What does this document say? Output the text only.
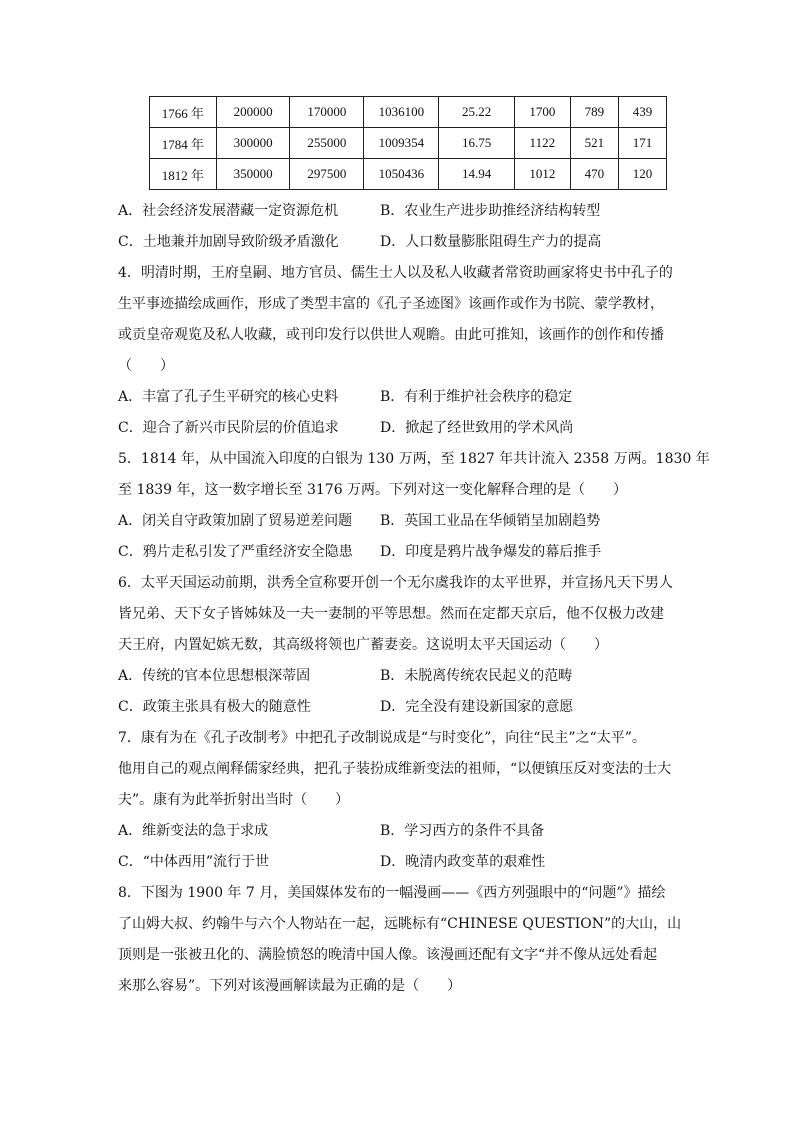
1766 年	200000	170000	1036100	25.22	1700	789	439
1784 年	300000	255000	1009354	16.75	1122	521	171
1812 年	350000	297500	1050436	14.94	1012	470	120
A．社会经济发展潜藏一定资源危机	B．农业生产进步助推经济结构转型
C．土地兼并加剧导致阶级矛盾激化	D．人口数量膨胀阻碍生产力的提高
4．明清时期，王府皇嗣、地方官员、儒生士人以及私人收藏者常资助画家将史书中孔子的
生平事迹描绘成画作，形成了类型丰富的《孔子圣迹图》该画作或作为书院、蒙学教材，
或贡皇帝观览及私人收藏，或刊印发行以供世人观瞻。由此可推知，该画作的创作和传播
（　　）
A．丰富了孔子生平研究的核心史料	B．有利于维护社会秩序的稳定
C．迎合了新兴市民阶层的价值追求	D．掀起了经世致用的学术风尚
5．1814 年，从中国流入印度的白银为 130 万两，至 1827 年共计流入 2358 万两。1830 年
至 1839 年，这一数字增长至 3176 万两。下列对这一变化解释合理的是（　　）
A．闭关自守政策加剧了贸易逆差问题 B．英国工业品在华倾销呈加剧趋势
C．鸦片走私引发了严重经济安全隐患 D．印度是鸦片战争爆发的幕后推手
6．太平天国运动前期，洪秀全宣称要开创一个无尔虞我诈的太平世界，并宣扬凡天下男人
皆兄弟、天下女子皆姊妹及一夫一妻制的平等思想。然而在定都天京后，他不仅极力改建
天王府，内置妃嫔无数，其高级将领也广蓄妻妾。这说明太平天国运动（　　）
A．传统的官本位思想根深蒂固	B．未脱离传统农民起义的范畴
C．政策主张具有极大的随意性	D．完全没有建设新国家的意愿
7．康有为在《孔子改制考》中把孔子改制说成是“与时变化”，向往“民主”之“太平”。
他用自己的观点阐释儒家经典，把孔子装扮成维新变法的祖师，“以便镇压反对变法的士大
夫”。康有为此举折射出当时（　　）
A．维新变法的急于求成	B．学习西方的条件不具备
C．“中体西用”流行于世	D．晚清内政变革的艰难性
8．下图为 1900 年 7 月，美国媒体发布的一幅漫画——《西方列强眼中的“问题”》描绘
了山姆大叔、约翰牛与六个人物站在一起，远眺标有“CHINESE QUESTION”的大山，山
顶则是一张被丑化的、满脸愤怒的晚清中国人像。该漫画还配有文字“并不像从远处看起
来那么容易”。下列对该漫画解读最为正确的是（　　）
